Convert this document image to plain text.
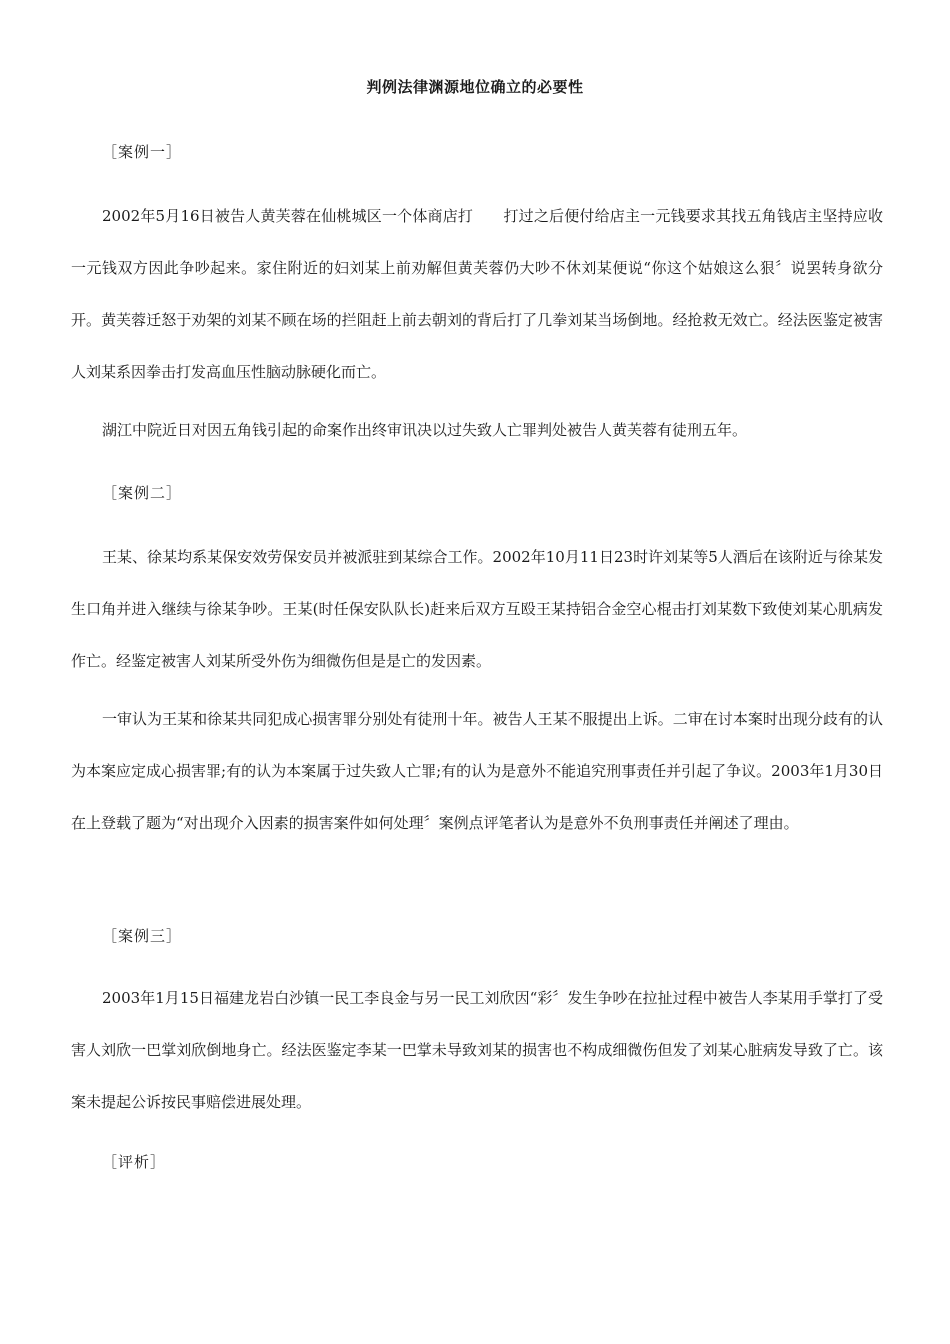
判例法律渊源地位确立的必要性

［案例一］

2002年5月16日被告人黄芙蓉在仙桃城区一个体商店打　　打过之后便付给店主一元钱要求其找五角钱店主坚持应收一元钱双方因此争吵起来。家住附近的妇刘某上前劝解但黄芙蓉仍大吵不休刘某便说“你这个姑娘这么狠〞说罢转身欲分开。黄芙蓉迁怒于劝架的刘某不顾在场的拦阻赶上前去朝刘的背后打了几拳刘某当场倒地。经抢救无效亡。经法医鉴定被害人刘某系因拳击打发高血压性脑动脉硬化而亡。

湖江中院近日对因五角钱引起的命案作出终审讯决以过失致人亡罪判处被告人黄芙蓉有徒刑五年。

［案例二］

王某、徐某均系某保安效劳保安员并被派驻到某综合工作。2002年10月11日23时许刘某等5人酒后在该附近与徐某发生口角并进入继续与徐某争吵。王某(时任保安队队长)赶来后双方互殴王某持铝合金空心棍击打刘某数下致使刘某心肌病发作亡。经鉴定被害人刘某所受外伤为细微伤但是是亡的发因素。

一审认为王某和徐某共同犯成心损害罪分别处有徒刑十年。被告人王某不服提出上诉。二审在讨本案时出现分歧有的认为本案应定成心损害罪;有的认为本案属于过失致人亡罪;有的认为是意外不能追究刑事责任并引起了争议。2003年1月30日在上登载了题为“对出现介入因素的损害案件如何处理〞案例点评笔者认为是意外不负刑事责任并阐述了理由。

［案例三］

2003年1月15日福建龙岩白沙镇一民工李良金与另一民工刘欣因“彩〞发生争吵在拉扯过程中被告人李某用手掌打了受害人刘欣一巴掌刘欣倒地身亡。经法医鉴定李某一巴掌未导致刘某的损害也不构成细微伤但发了刘某心脏病发导致了亡。该案未提起公诉按民事赔偿进展处理。

［评析］
